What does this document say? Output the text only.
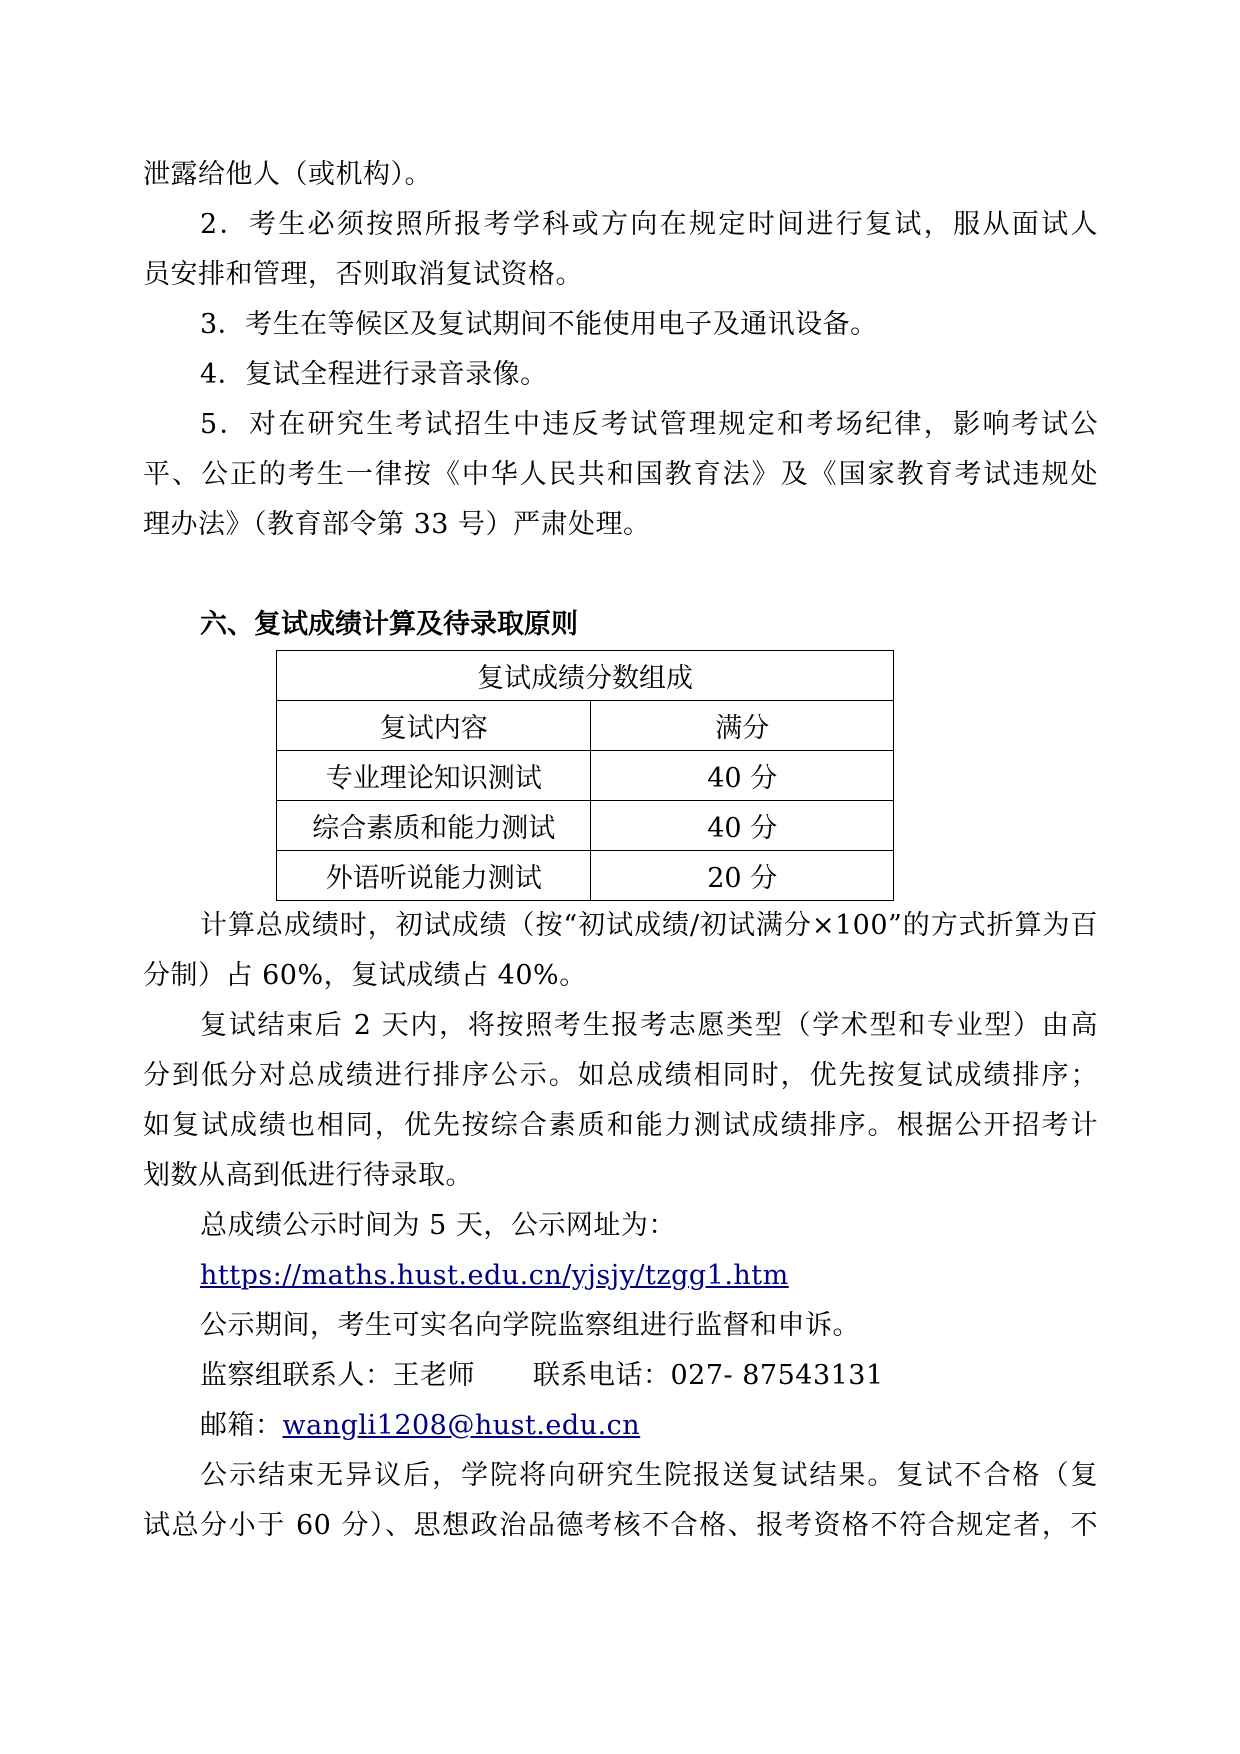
泄露给他人（或机构）。
2．考生必须按照所报考学科或方向在规定时间进行复试，服从面试人
员安排和管理，否则取消复试资格。
3．考生在等候区及复试期间不能使用电子及通讯设备。
4．复试全程进行录音录像。
5．对在研究生考试招生中违反考试管理规定和考场纪律，影响考试公
平、公正的考生一律按《中华人民共和国教育法》及《国家教育考试违规处
理办法》（教育部令第 33 号）严肃处理。
六、复试成绩计算及待录取原则
复试成绩分数组成	
复试内容	满分
专业理论知识测试	40 分
综合素质和能力测试	40 分
外语听说能力测试	20 分
计算总成绩时，初试成绩（按“初试成绩/初试满分×100”的方式折算为百
分制）占 60%，复试成绩占 40%。
复试结束后 2 天内，将按照考生报考志愿类型（学术型和专业型）由高
分到低分对总成绩进行排序公示。如总成绩相同时，优先按复试成绩排序；
如复试成绩也相同，优先按综合素质和能力测试成绩排序。根据公开招考计
划数从高到低进行待录取。
总成绩公示时间为 5 天，公示网址为：
https://maths.hust.edu.cn/yjsjy/tzgg1.htm
公示期间，考生可实名向学院监察组进行监督和申诉。
监察组联系人：王老师 联系电话：027- 87543131
邮箱：wangli1208@hust.edu.cn
公示结束无异议后，学院将向研究生院报送复试结果。复试不合格（复
试总分小于 60 分）、思想政治品德考核不合格、报考资格不符合规定者，不
